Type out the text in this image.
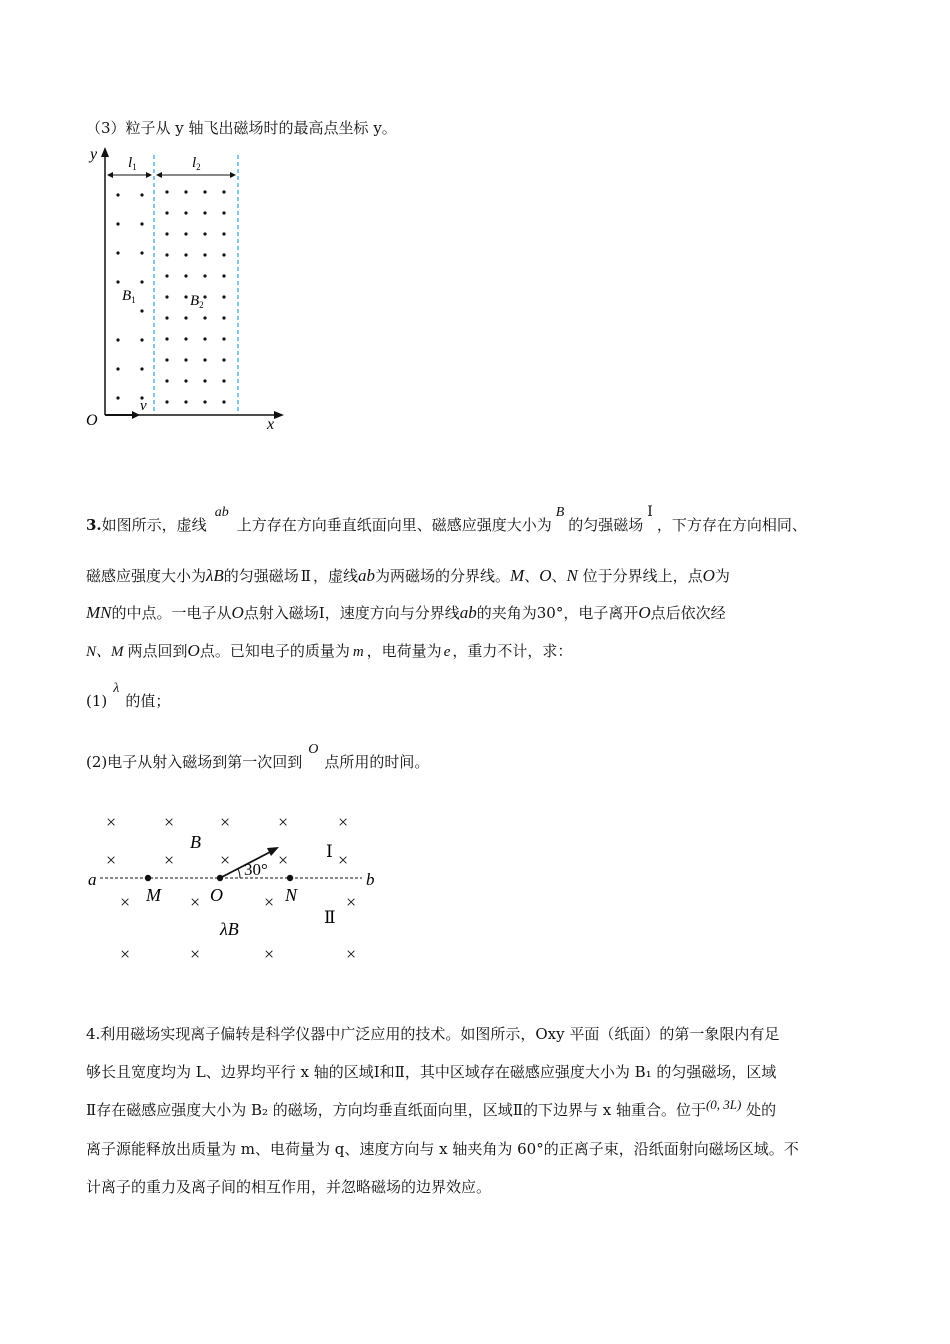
（3）粒子从 y 轴飞出磁场时的最高点坐标 y。
y
x
O
$l_1$	$l_2$
$B_1$	$B_2$
v
3.如图所示，虚线ab上方存在方向垂直纸面向里、磁感应强度大小为B的匀强磁场Ⅰ，下方存在方向相同、
磁感应强度大小为λB的匀强磁场 Ⅱ ，虚线ab为两磁场的分界线。M、O、N 位于分界线上，点O为
MN的中点。一电子从O点射入磁场Ⅰ，速度方向与分界线ab的夹角为30°，电子离开O点后依次经
N、M 两点回到O点。已知电子的质量为 m ，电荷量为 e ，重力不计，求：
(1)λ的值；
(2)电子从射入磁场到第一次回到O点所用的时间。
×	×	×	×	×
×	×	×	×	×
×	×	×	×
×	×	×	×
a	b
M	O	N
30°
B
λB
Ⅰ
Ⅱ
4.利用磁场实现离子偏转是科学仪器中广泛应用的技术。如图所示，Oxy 平面（纸面）的第一象限内有足
够长且宽度均为 L、边界均平行 x 轴的区域Ⅰ和Ⅱ，其中区域存在磁感应强度大小为 B₁ 的匀强磁场，区域
Ⅱ存在磁感应强度大小为 B₂ 的磁场，方向均垂直纸面向里，区域Ⅱ的下边界与 x 轴重合。位于(0, 3L) 处的
离子源能释放出质量为 m、电荷量为 q、速度方向与 x 轴夹角为 60°的正离子束，沿纸面射向磁场区域。不
计离子的重力及离子间的相互作用，并忽略磁场的边界效应。
